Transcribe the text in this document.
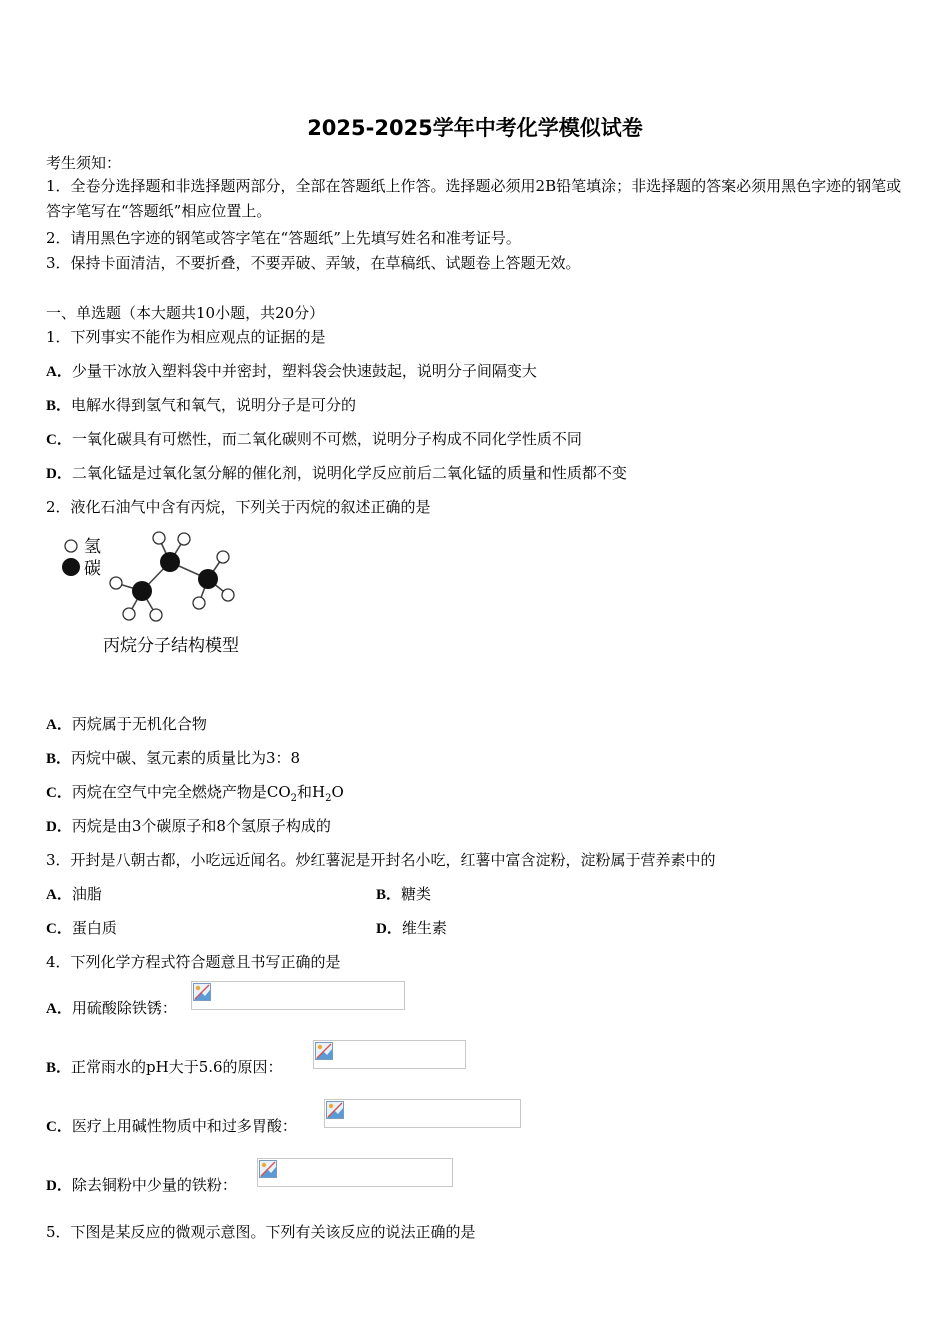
2025-2025学年中考化学模似试卷
考生须知：
1．全卷分选择题和非选择题两部分，全部在答题纸上作答。选择题必须用2B铅笔填涂；非选择题的答案必须用黑色字迹的钢笔或答字笔写在“答题纸”相应位置上。
2．请用黑色字迹的钢笔或答字笔在“答题纸”上先填写姓名和准考证号。
3．保持卡面清洁，不要折叠，不要弄破、弄皱，在草稿纸、试题卷上答题无效。
一、单选题（本大题共10小题，共20分）
1．下列事实不能作为相应观点的证据的是
A．少量干冰放入塑料袋中并密封，塑料袋会快速鼓起，说明分子间隔变大
B．电解水得到氢气和氧气，说明分子是可分的
C．一氧化碳具有可燃性，而二氧化碳则不可燃，说明分子构成不同化学性质不同
D．二氧化锰是过氧化氢分解的催化剂，说明化学反应前后二氧化锰的质量和性质都不变
2．液化石油气中含有丙烷，下列关于丙烷的叙述正确的是
氢
碳
丙烷分子结构模型
A．丙烷属于无机化合物
B．丙烷中碳、氢元素的质量比为3：8
C．丙烷在空气中完全燃烧产物是$CO_2$和$H_2O$
D．丙烷是由3个碳原子和8个氢原子构成的
3．开封是八朝古都，小吃远近闻名。炒红薯泥是开封名小吃，红薯中富含淀粉，淀粉属于营养素中的
A．油脂	B．糖类
C．蛋白质	D．维生素
4．下列化学方程式符合题意且书写正确的是
A．用硫酸除铁锈：
B．正常雨水的pH大于5.6的原因：
C．医疗上用碱性物质中和过多胃酸：
D．除去铜粉中少量的铁粉：
5．下图是某反应的微观示意图。下列有关该反应的说法正确的是
